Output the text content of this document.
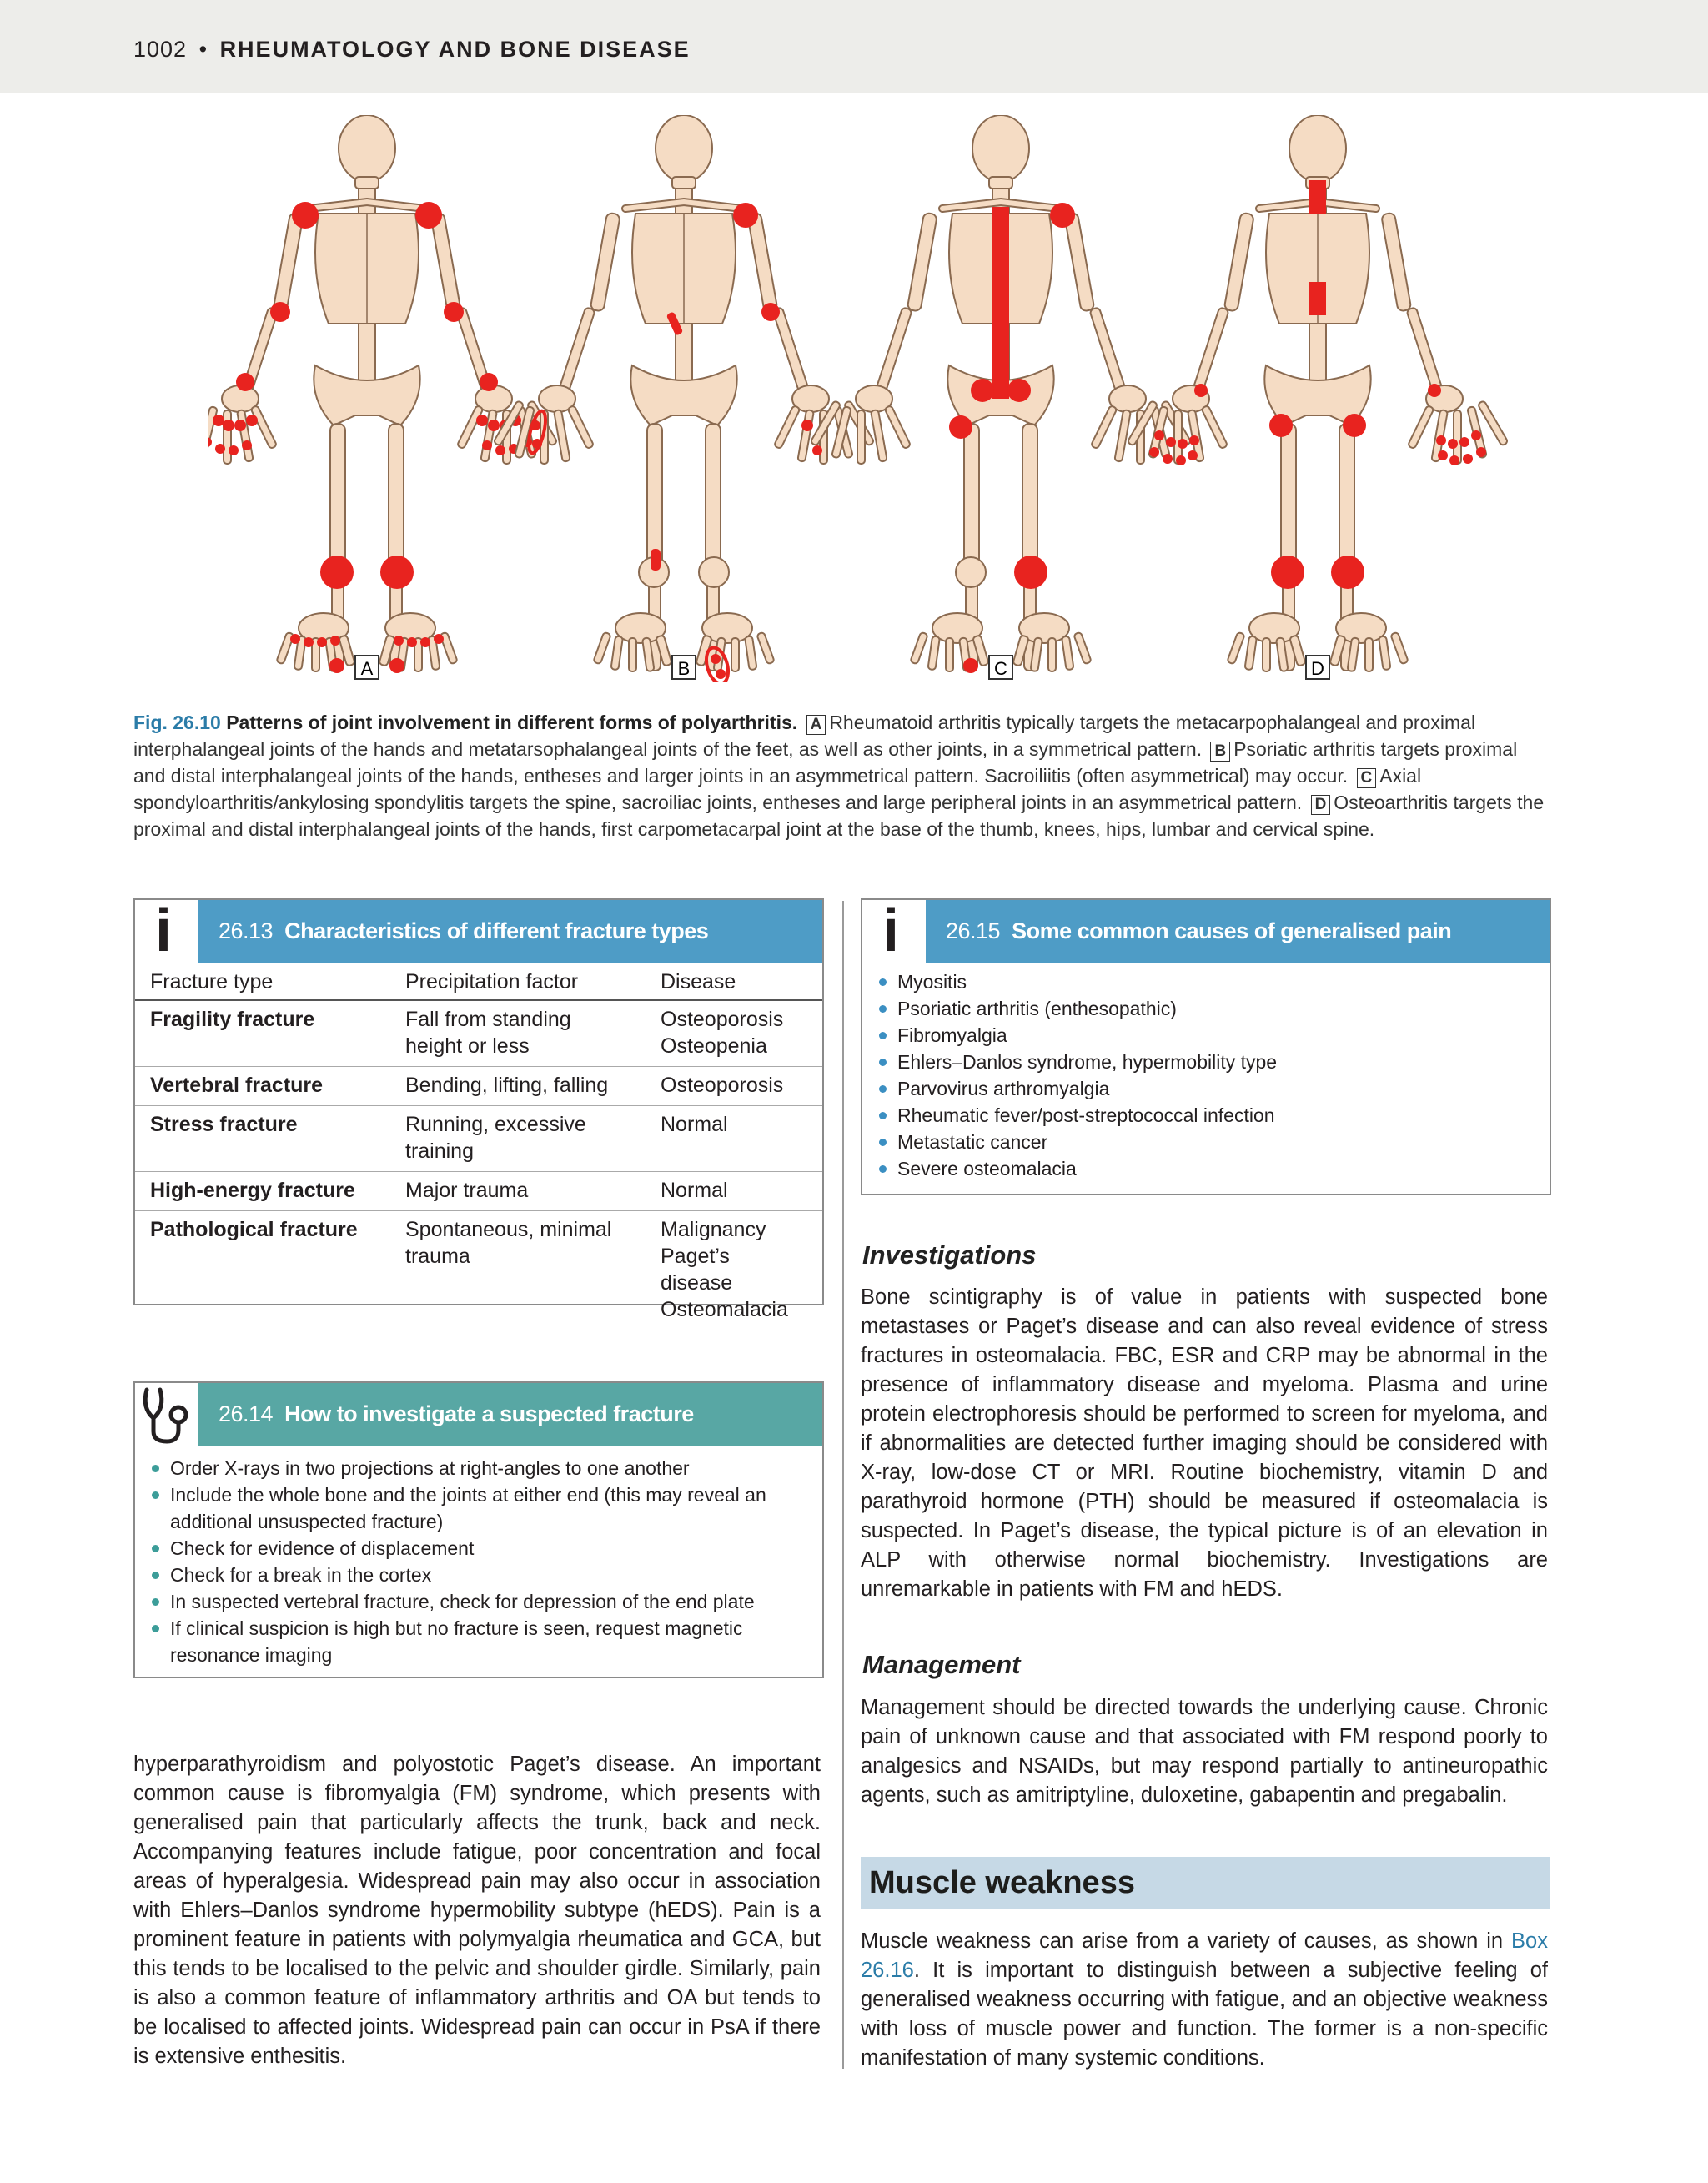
1002 • RHEUMATOLOGY AND BONE DISEASE
A	B	C	D
Fig. 26.10 Patterns of joint involvement in different forms of polyarthritis. A Rheumatoid arthritis typically targets the metacarpophalangeal and proximal interphalangeal joints of the hands and metatarsophalangeal joints of the feet, as well as other joints, in a symmetrical pattern. B Psoriatic arthritis targets proximal and distal interphalangeal joints of the hands, entheses and larger joints in an asymmetrical pattern. Sacroiliitis (often asymmetrical) may occur. C Axial spondyloarthritis/ankylosing spondylitis targets the spine, sacroiliac joints, entheses and large peripheral joints in an asymmetrical pattern. D Osteoarthritis targets the proximal and distal interphalangeal joints of the hands, first carpometacarpal joint at the base of the thumb, knees, hips, lumbar and cervical spine.
i 26.13 Characteristics of different fracture types
Fracture type	Precipitation factor	Disease
Fragility fracture	Fall from standing height or less	Osteoporosis
Osteopenia

Vertebral fracture	Bending, lifting, falling	Osteoporosis
Stress fracture	Running, excessive training	Normal
High-energy fracture	Major trauma	Normal
Pathological fracture	Spontaneous, minimal trauma	Malignancy
Paget’s disease
Osteomalacia
26.14 How to investigate a suspected fracture
Order X-rays in two projections at right-angles to one another
Include the whole bone and the joints at either end (this may reveal an additional unsuspected fracture)
Check for evidence of displacement
Check for a break in the cortex
In suspected vertebral fracture, check for depression of the end plate
If clinical suspicion is high but no fracture is seen, request magnetic resonance imaging
hyperparathyroidism and polyostotic Paget’s disease. An important common cause is fibromyalgia (FM) syndrome, which presents with generalised pain that particularly affects the trunk, back and neck. Accompanying features include fatigue, poor concentration and focal areas of hyperalgesia. Widespread pain may also occur in association with Ehlers–Danlos syndrome hypermobility subtype (hEDS). Pain is a prominent feature in patients with polymyalgia rheumatica and GCA, but this tends to be localised to the pelvic and shoulder girdle. Similarly, pain is also a common feature of inflammatory arthritis and OA but tends to be localised to affected joints. Widespread pain can occur in PsA if there is extensive enthesitis.
i 26.15 Some common causes of generalised pain
Myositis
Psoriatic arthritis (enthesopathic)
Fibromyalgia
Ehlers–Danlos syndrome, hypermobility type
Parvovirus arthromyalgia
Rheumatic fever/post-streptococcal infection
Metastatic cancer
Severe osteomalacia
Investigations
Bone scintigraphy is of value in patients with suspected bone metastases or Paget’s disease and can also reveal evidence of stress fractures in osteomalacia. FBC, ESR and CRP may be abnormal in the presence of inflammatory disease and myeloma. Plasma and urine protein electrophoresis should be performed to screen for myeloma, and if abnormalities are detected further imaging should be considered with X-ray, low-dose CT or MRI. Routine biochemistry, vitamin D and parathyroid hormone (PTH) should be measured if osteomalacia is suspected. In Paget’s disease, the typical picture is of an elevation in ALP with otherwise normal biochemistry. Investigations are unremarkable in patients with FM and hEDS.
Management
Management should be directed towards the underlying cause. Chronic pain of unknown cause and that associated with FM respond poorly to analgesics and NSAIDs, but may respond partially to antineuropathic agents, such as amitriptyline, duloxetine, gabapentin and pregabalin.
Muscle weakness
Muscle weakness can arise from a variety of causes, as shown in Box 26.16. It is important to distinguish between a subjective feeling of generalised weakness occurring with fatigue, and an objective weakness with loss of muscle power and function. The former is a non-specific manifestation of many systemic conditions.
